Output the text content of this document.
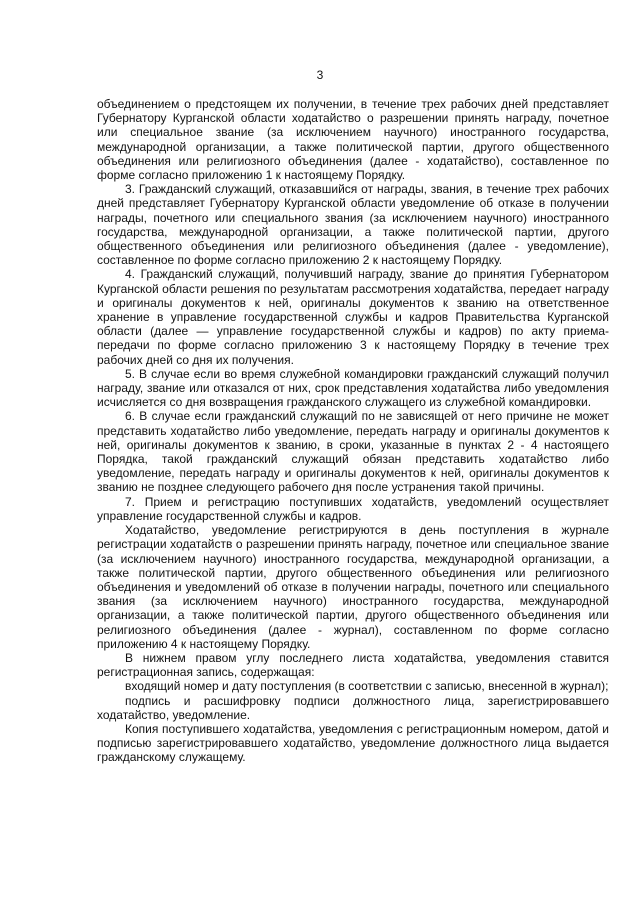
3

объединением о предстоящем их получении, в течение трех рабочих дней представляет Губернатору Курганской области ходатайство о разрешении принять награду, почетное или специальное звание (за исключением научного) иностранного государства, международной организации, а также политической партии, другого общественного объединения или религиозного объединения (далее - ходатайство), составленное по форме согласно приложению 1 к настоящему Порядку.

3. Гражданский служащий, отказавшийся от награды, звания, в течение трех рабочих дней представляет Губернатору Курганской области уведомление об отказе в получении награды, почетного или специального звания (за исключением научного) иностранного государства, международной организации, а также политической партии, другого общественного объединения или религиозного объединения (далее - уведомление), составленное по форме согласно приложению 2 к настоящему Порядку.

4. Гражданский служащий, получивший награду, звание до принятия Губернатором Курганской области решения по результатам рассмотрения ходатайства, передает награду и оригиналы документов к ней, оригиналы документов к званию на ответственное хранение в управление государственной службы и кадров Правительства Курганской области (далее — управление государственной службы и кадров) по акту приема-передачи по форме согласно приложению 3 к настоящему Порядку в течение трех рабочих дней со дня их получения.

5. В случае если во время служебной командировки гражданский служащий получил награду, звание или отказался от них, срок представления ходатайства либо уведомления исчисляется со дня возвращения гражданского служащего из служебной командировки.

6. В случае если гражданский служащий по не зависящей от него причине не может представить ходатайство либо уведомление, передать награду и оригиналы документов к ней, оригиналы документов к званию, в сроки, указанные в пунктах 2 - 4 настоящего Порядка, такой гражданский служащий обязан представить ходатайство либо уведомление, передать награду и оригиналы документов к ней, оригиналы документов к званию не позднее следующего рабочего дня после устранения такой причины.

7. Прием и регистрацию поступивших ходатайств, уведомлений осуществляет управление государственной службы и кадров.

Ходатайство, уведомление регистрируются в день поступления в журнале регистрации ходатайств о разрешении принять награду, почетное или специальное звание (за исключением научного) иностранного государства, международной организации, а также политической партии, другого общественного объединения или религиозного объединения и уведомлений об отказе в получении награды, почетного или специального звания (за исключением научного) иностранного государства, международной организации, а также политической партии, другого общественного объединения или религиозного объединения (далее - журнал), составленном по форме согласно приложению 4 к настоящему Порядку.

В нижнем правом углу последнего листа ходатайства, уведомления ставится регистрационная запись, содержащая:

входящий номер и дату поступления (в соответствии с записью, внесенной в журнал);

подпись и расшифровку подписи должностного лица, зарегистрировавшего ходатайство, уведомление.

Копия поступившего ходатайства, уведомления с регистрационным номером, датой и подписью зарегистрировавшего ходатайство, уведомление должностного лица выдается гражданскому служащему.
